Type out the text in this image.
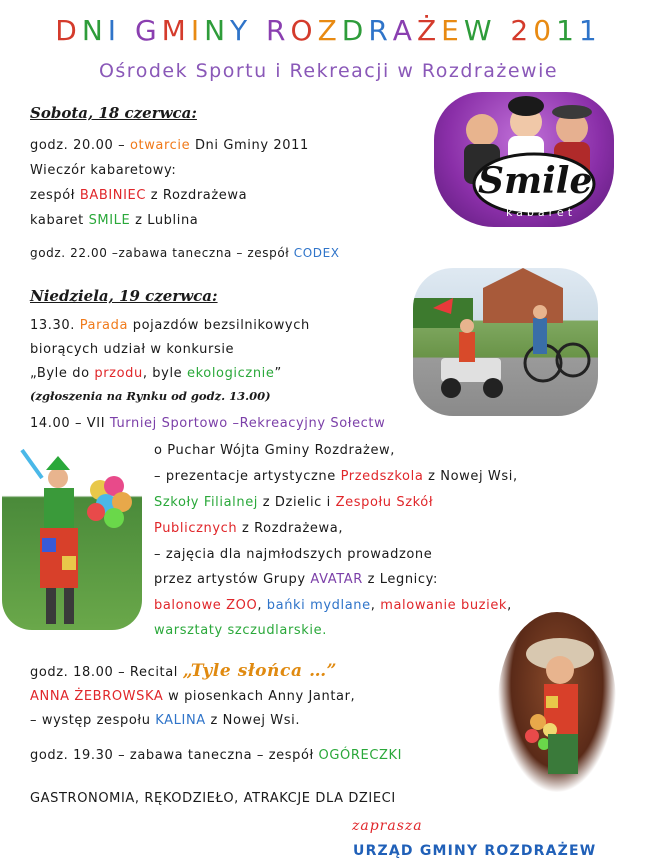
DNI GMINY ROZDRAŻEW 2011
Ośrodek Sportu i Rekreacji w Rozdrażewie
Sobota, 18 czerwca:
godz. 20.00 – otwarcie Dni Gminy 2011
Wieczór kabaretowy:
zespół BABINIEC z Rozdrażewa
kabaret SMILE z Lublina
godz. 22.00 –zabawa taneczna – zespół CODEX
Smile
kabaret
Niedziela, 19 czerwca:
13.30. Parada pojazdów bezsilnikowych
biorących udział w konkursie
„Byle do przodu, byle ekologicznie”
(zgłoszenia na Rynku od godz. 13.00)
14.00 – VII Turniej Sportowo –Rekreacyjny Sołectw
o Puchar Wójta Gminy Rozdrażew,
– prezentacje artystyczne Przedszkola z Nowej Wsi,
Szkoły Filialnej z Dzielic i Zespołu Szkół
Publicznych z Rozdrażewa,
– zajęcia dla najmłodszych prowadzone
przez artystów Grupy AVATAR z Legnicy:
balonowe ZOO, bańki mydlane, malowanie buziek,
warsztaty szczudlarskie.
godz. 18.00 – Recital „Tyle słońca …”
ANNA ŻEBROWSKA w piosenkach Anny Jantar,
– występ zespołu KALINA z Nowej Wsi.
godz. 19.30 – zabawa taneczna – zespół OGÓRECZKI
GASTRONOMIA, RĘKODZIEŁO, ATRAKCJE DLA DZIECI
zaprasza
URZĄD GMINY ROZDRAŻEW
